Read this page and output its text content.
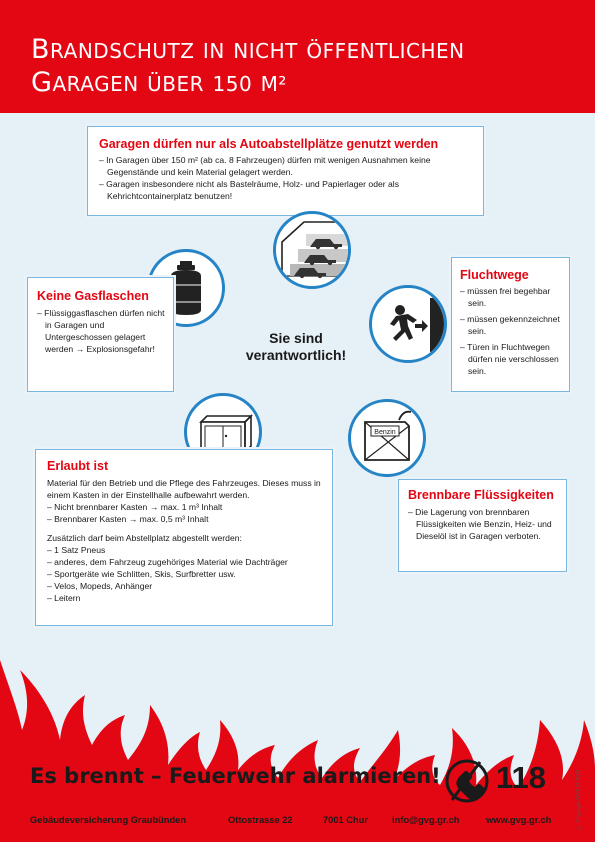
BRANDSCHUTZ IN NICHT ÖFFENTLICHEN
GARAGEN ÜBER 150 M²
Garagen dürfen nur als Autoabstellplätze genutzt werden
– In Garagen über 150 m² (ab ca. 8 Fahrzeugen) dürfen mit wenigen Ausnahmen keine Gegenstände und kein Material gelagert werden.
– Garagen insbesondere nicht als Bastelräume, Holz- und Papierlager oder als Kehrichtcontainerplatz benutzen!
Sie sind verantwortlich!
Keine Gasflaschen
– Flüssiggasflaschen dürfen nicht in Garagen und Untergeschossen gelagert werden → Explosionsgefahr!
Fluchtwege
– müssen frei begehbar sein.
– müssen gekennzeichnet sein.
– Türen in Fluchtwegen dürfen nie verschlossen sein.
Benzin
Erlaubt ist

Material für den Betrieb und die Pflege des Fahrzeuges. Dieses muss in einem Kasten in der Einstellhalle aufbewahrt werden.

– Nicht brennbarer Kasten → max. 1 m³ Inhalt
– Brennbarer Kasten → max. 0,5 m³ Inhalt

Zusätzlich darf beim Abstellplatz abgestellt werden:

– 1 Satz Pneus
– anderes, dem Fahrzeug zugehöriges Material wie Dachträger
– Sportgeräte wie Schlitten, Skis, Surfbretter usw.
– Velos, Mopeds, Anhänger
– Leitern
Brennbare Flüssigkeiten
– Die Lagerung von brennbaren Flüssigkeiten wie Benzin, Heiz- und Dieselöl ist in Garagen verboten.
Es brennt – Feuerwehr alarmieren! 118
Gebäudeversicherung Graubünden	Ottostrasse 22	7001 Chur	info@gvg.gr.ch	www.gvg.gr.ch	© Copyright GVG 11.2016
